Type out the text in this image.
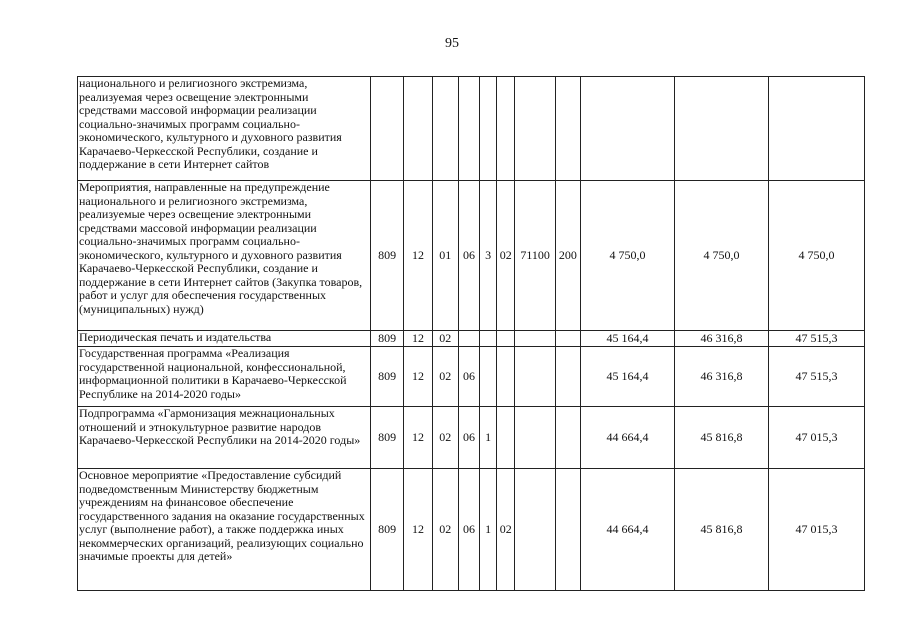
95
национального и религиозного экстремизма, реализуемая через освещение электронными средствами массовой информации реализации социально-значимых программ социально-экономического, культурного и духовного развития Карачаево-Черкесской Республики, создание и поддержание в сети Интернет сайтов											
Мероприятия, направленные на предупреждение национального и религиозного экстремизма, реализуемые через освещение электронными средствами массовой информации реализации социально-значимых программ социально-экономического, культурного и духовного развития Карачаево-Черкесской Республики, создание и поддержание в сети Интернет сайтов (Закупка товаров, работ и услуг для обеспечения государственных (муниципальных) нужд)	809	12	01	06	3	02	71100	200	4 750,0	4 750,0	4 750,0
Периодическая печать и издательства	809	12	02						45 164,4	46 316,8	47 515,3
Государственная программа «Реализация государственной национальной, конфессиональной, информационной политики в Карачаево-Черкесской Республике на 2014-2020 годы»	809	12	02	06					45 164,4	46 316,8	47 515,3
Подпрограмма «Гармонизация межнациональных отношений и этнокультурное развитие народов Карачаево-Черкесской Республики на 2014-2020 годы»	809	12	02	06	1				44 664,4	45 816,8	47 015,3
Основное мероприятие «Предоставление субсидий подведомственным Министерству бюджетным учреждениям на финансовое обеспечение государственного задания на оказание государственных услуг (выполнение работ), а также поддержка иных некоммерческих организаций, реализующих социально значимые проекты для детей»	809	12	02	06	1	02			44 664,4	45 816,8	47 015,3
